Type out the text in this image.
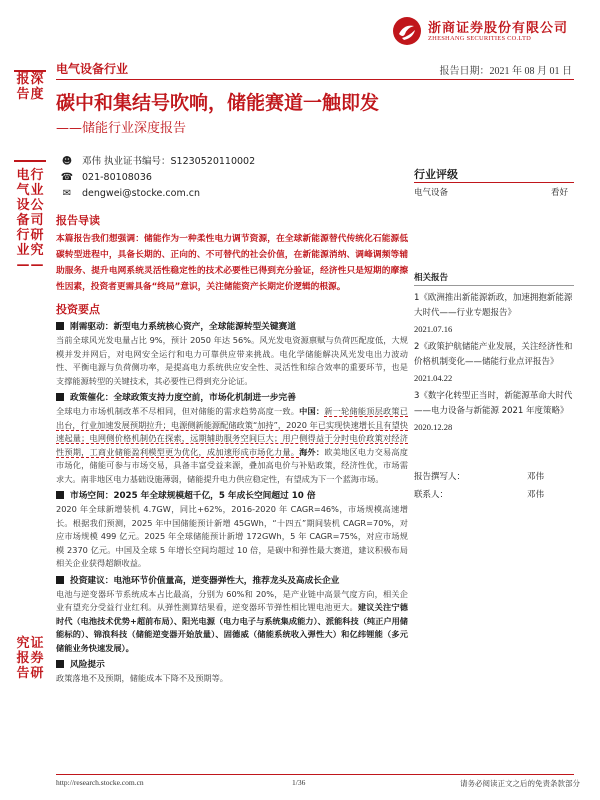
浙商证券股份有限公司
ZHESHANG SECURITIES CO.LTD
报告深度
电气设备行业—行业公司研究—
究报告证券研
电气设备行业	报告日期：2021 年 08 月 01 日
碳中和集结号吹响，储能赛道一触即发
——储能行业深度报告
☻ 邓伟 执业证书编号：S1230520110002
☎ 021-80108036
✉ dengwei@stocke.com.cn
行业评级
电气设备	看好
相关报告
1《欧洲推出新能源新政，加速拥抱新能源大时代——行业专题报告》
2021.07.16
2《政策护航储能产业发展，关注经济性和价格机制变化——储能行业点评报告》
2021.04.22
3《数字化转型正当时，新能源革命大时代——电力设备与新能源 2021 年度策略》
2020.12.28
报告撰写人：	邓伟
联系人：	邓伟
报告导读
本篇报告我们想强调：储能作为一种柔性电力调节资源，在全球新能源替代传统化石能源低碳转型进程中，具备长期的、正向的、不可替代的社会价值，在新能源消纳、调峰调频等辅助服务、提升电网系统灵活性稳定性的技术必要性已得到充分验证，经济性只是短期的摩擦性因素，投资者更需具备“终局”意识，关注储能资产长期定价逻辑的根源。
投资要点
刚需驱动：新型电力系统核心资产，全球能源转型关键赛道
当前全球风光发电量占比 9%，预计 2050 年达 56%。风光发电资源禀赋与负荷匹配度低，大规模并发并网后，对电网安全运行和电力可靠供应带来挑战。电化学储能解决风光发电出力波动性、平衡电源与负荷侧功率，是提高电力系统供应安全性、灵活性和综合效率的重要环节，也是支撑能源转型的关键技术，其必要性已得到充分论证。
政策催化：全球政策支持力度空前，市场化机制进一步完善
全球电力市场机制改革不尽相同，但对储能的需求趋势高度一致。中国：新一轮储能顶层政策已出台，行业加速发展预期拉升；电源侧新能源配储政策“加持”，2020 年已实现快速增长且有望快速起量；电网侧价格机制仍在探索，远期辅助服务空间巨大；用户侧得益于分时电价政策对经济性预期，工商业储能盈利模型更为优化，成加速形成市场化力量。海外：欧美地区电力交易高度市场化，储能可参与市场交易，具备丰富受益来源，叠加高电价与补贴政策，经济性优，市场需求大。南非地区电力基础设施薄弱，储能提升电力供应稳定性，有望成为下一个蓝海市场。
市场空间：2025 年全球规模超千亿，5 年成长空间超过 10 倍
2020 年全球新增装机 4.7GW，同比+62%，2016-2020 年 CAGR=46%，市场规模高速增长。根据我们预测，2025 年中国储能预计新增 45GWh，“十四五”期间装机 CAGR=70%，对应市场规模 499 亿元。2025 年全球储能预计新增 172GWh，5 年 CAGR=75%，对应市场规模 2370 亿元。中国及全球 5 年增长空间均超过 10 倍，是碳中和弹性最大赛道，建议积极布局相关企业获得超额收益。
投资建议：电池环节价值量高，逆变器弹性大，推荐龙头及高成长企业
电池与逆变器环节系统成本占比最高，分别为 60%和 20%，是产业链中高景气度方向，相关企业有望充分受益行业红利。从弹性测算结果看，逆变器环节弹性相比锂电池更大。建议关注宁德时代（电池技术优势+超前布局）、阳光电源（电力电子与系统集成能力）、派能科技（纯正户用储能标的）、锦浪科技（储能逆变器开始放量）、固德威（储能系统收入弹性大）和亿纬锂能（多元储能业务快速发展）。
风险提示
政策落地不及预期，储能成本下降不及预期等。
http://research.stocke.com.cn	1/36	请务必阅读正文之后的免责条款部分
